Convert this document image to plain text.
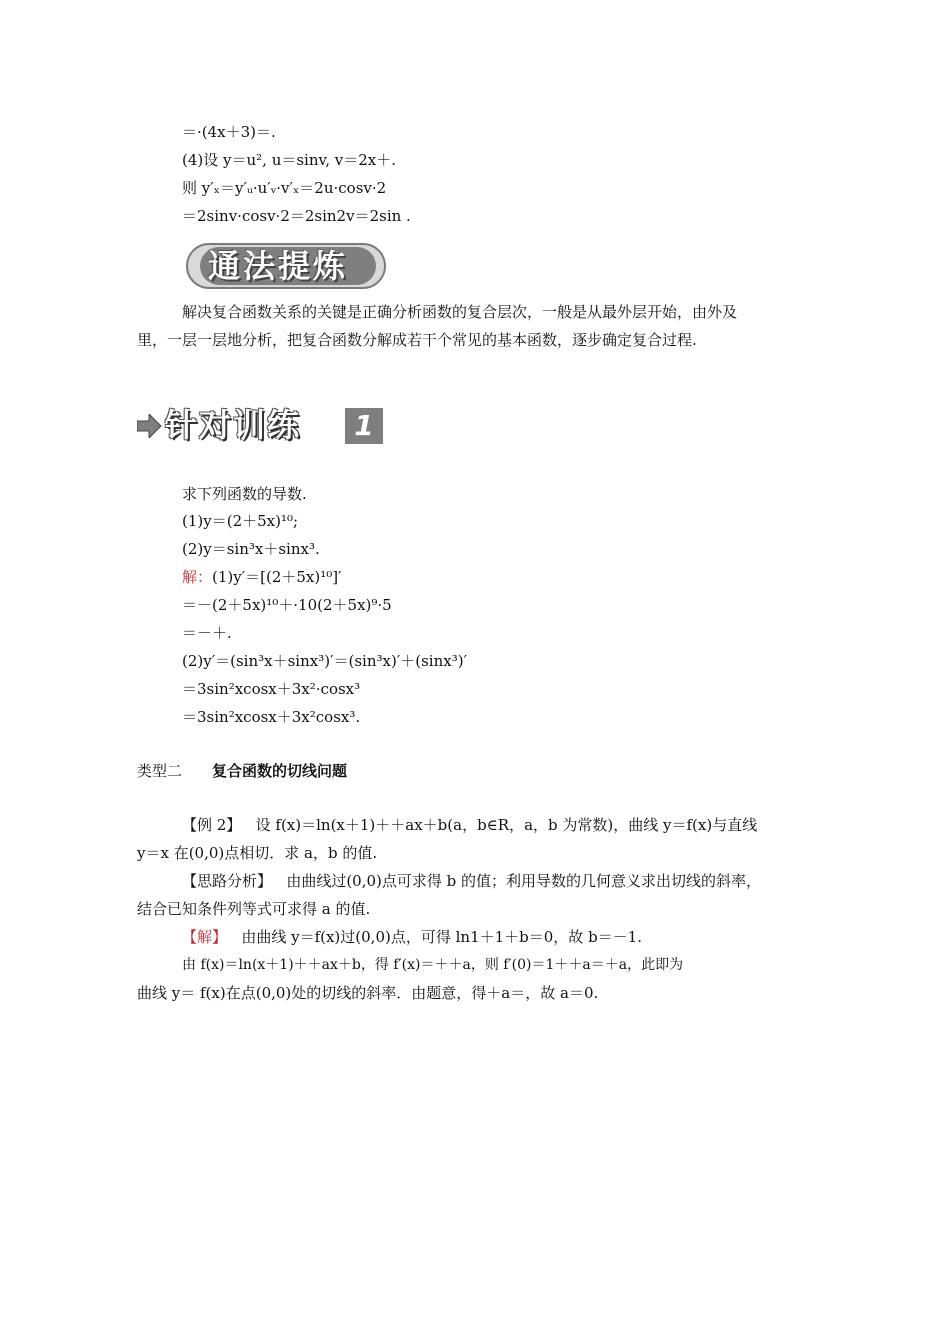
＝·(4x＋3)＝.
(4)设 y＝u², u＝sinv, v＝2x＋.
则 y′ₓ＝y′ᵤ·u′ᵥ·v′ₓ＝2u·cosv·2
＝2sinv·cosv·2＝2sin2v＝2sin .
通法提炼
解决复合函数关系的关键是正确分析函数的复合层次，一般是从最外层开始，由外及
里，一层一层地分析，把复合函数分解成若干个常见的基本函数，逐步确定复合过程.
针对训练	1
求下列函数的导数.
(1)y＝(2＋5x)¹⁰;
(2)y＝sin³x＋sinx³.
解：(1)y′＝[(2＋5x)¹⁰]′
＝－(2＋5x)¹⁰＋·10(2＋5x)⁹·5
＝－＋.
(2)y′＝(sin³x＋sinx³)′＝(sin³x)′＋(sinx³)′
＝3sin²xcosx＋3x²·cosx³
＝3sin²xcosx＋3x²cosx³.
类型二 复合函数的切线问题
【例 2】 设 f(x)＝ln(x＋1)＋＋ax＋b(a，b∈R，a，b 为常数)，曲线 y＝f(x)与直线
y＝x 在(0,0)点相切．求 a，b 的值.
【思路分析】 由曲线过(0,0)点可求得 b 的值；利用导数的几何意义求出切线的斜率，
结合已知条件列等式可求得 a 的值.
【解】 由曲线 y＝f(x)过(0,0)点，可得 ln1＋1＋b＝0，故 b＝－1.
由 f(x)＝ln(x＋1)＋＋ax＋b，得 f′(x)＝＋＋a，则 f′(0)＝1＋＋a＝＋a，此即为
曲线 y＝ f(x)在点(0,0)处的切线的斜率．由题意，得＋a＝，故 a＝0.
